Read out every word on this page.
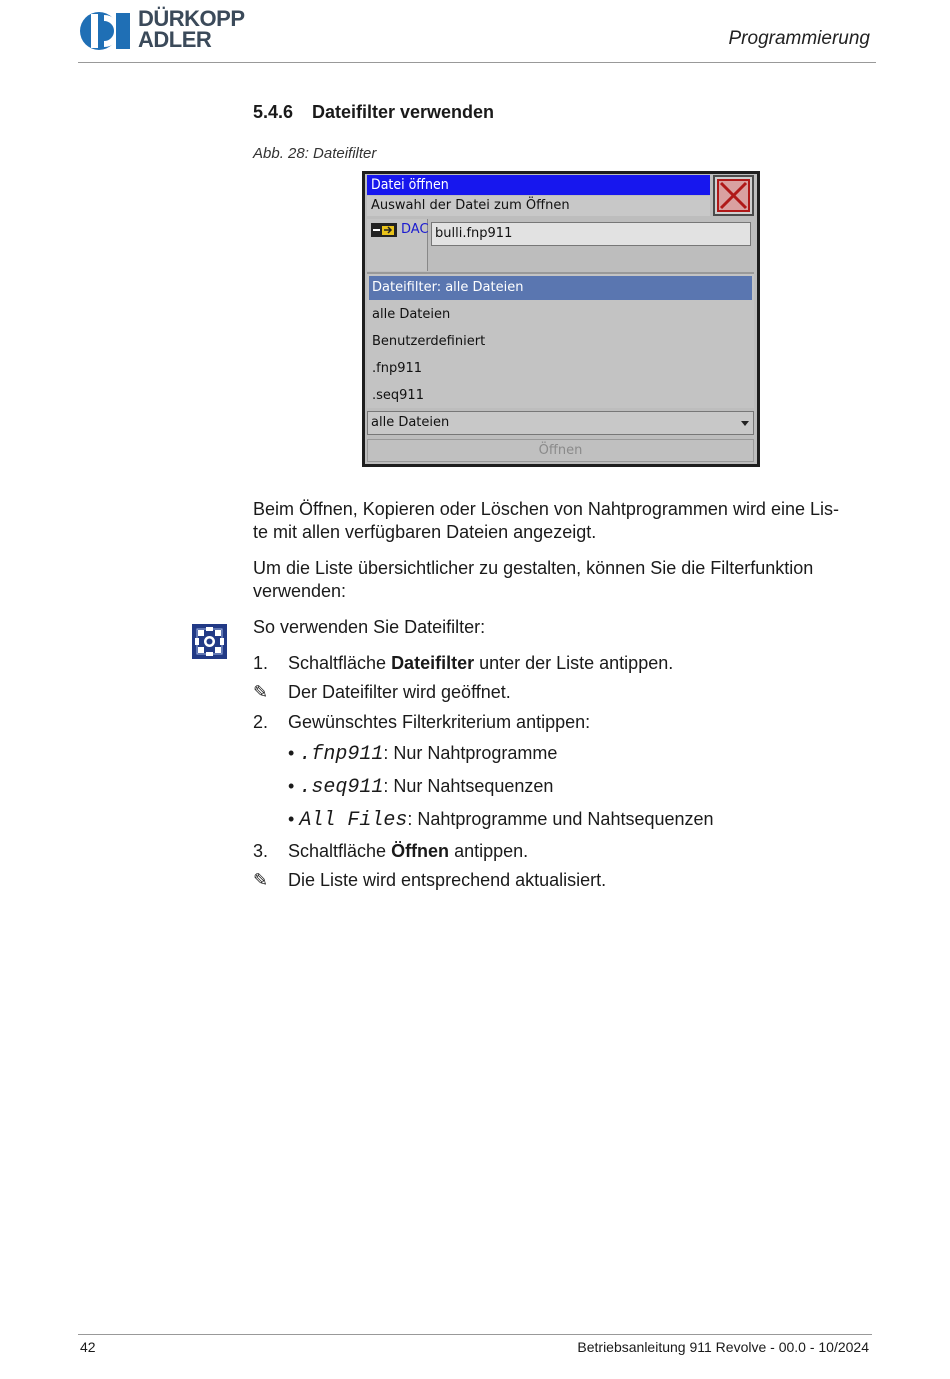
DÜRKOPP
ADLER	Programmierung
5.4.6 Dateifilter verwenden
Abb. 28: Dateifilter
Datei öffnen
Auswahl der Datei zum Öffnen
DAC bulli.fnp911
Dateifilter: alle Dateien
alle Dateien
Benutzerdefiniert
.fnp911
.seq911
alle Dateien
Öffnen
Beim Öffnen, Kopieren oder Löschen von Nahtprogrammen wird eine Lis-
te mit allen verfügbaren Dateien angezeigt.
Um die Liste übersichtlicher zu gestalten, können Sie die Filterfunktion
verwenden:
So verwenden Sie Dateifilter:
1. Schaltfläche Dateifilter unter der Liste antippen.
✎ Der Dateifilter wird geöffnet.
2. Gewünschtes Filterkriterium antippen:
• .fnp911: Nur Nahtprogramme
• .seq911: Nur Nahtsequenzen
• All Files: Nahtprogramme und Nahtsequenzen
3. Schaltfläche Öffnen antippen.
✎ Die Liste wird entsprechend aktualisiert.
42	Betriebsanleitung 911 Revolve - 00.0 - 10/2024
